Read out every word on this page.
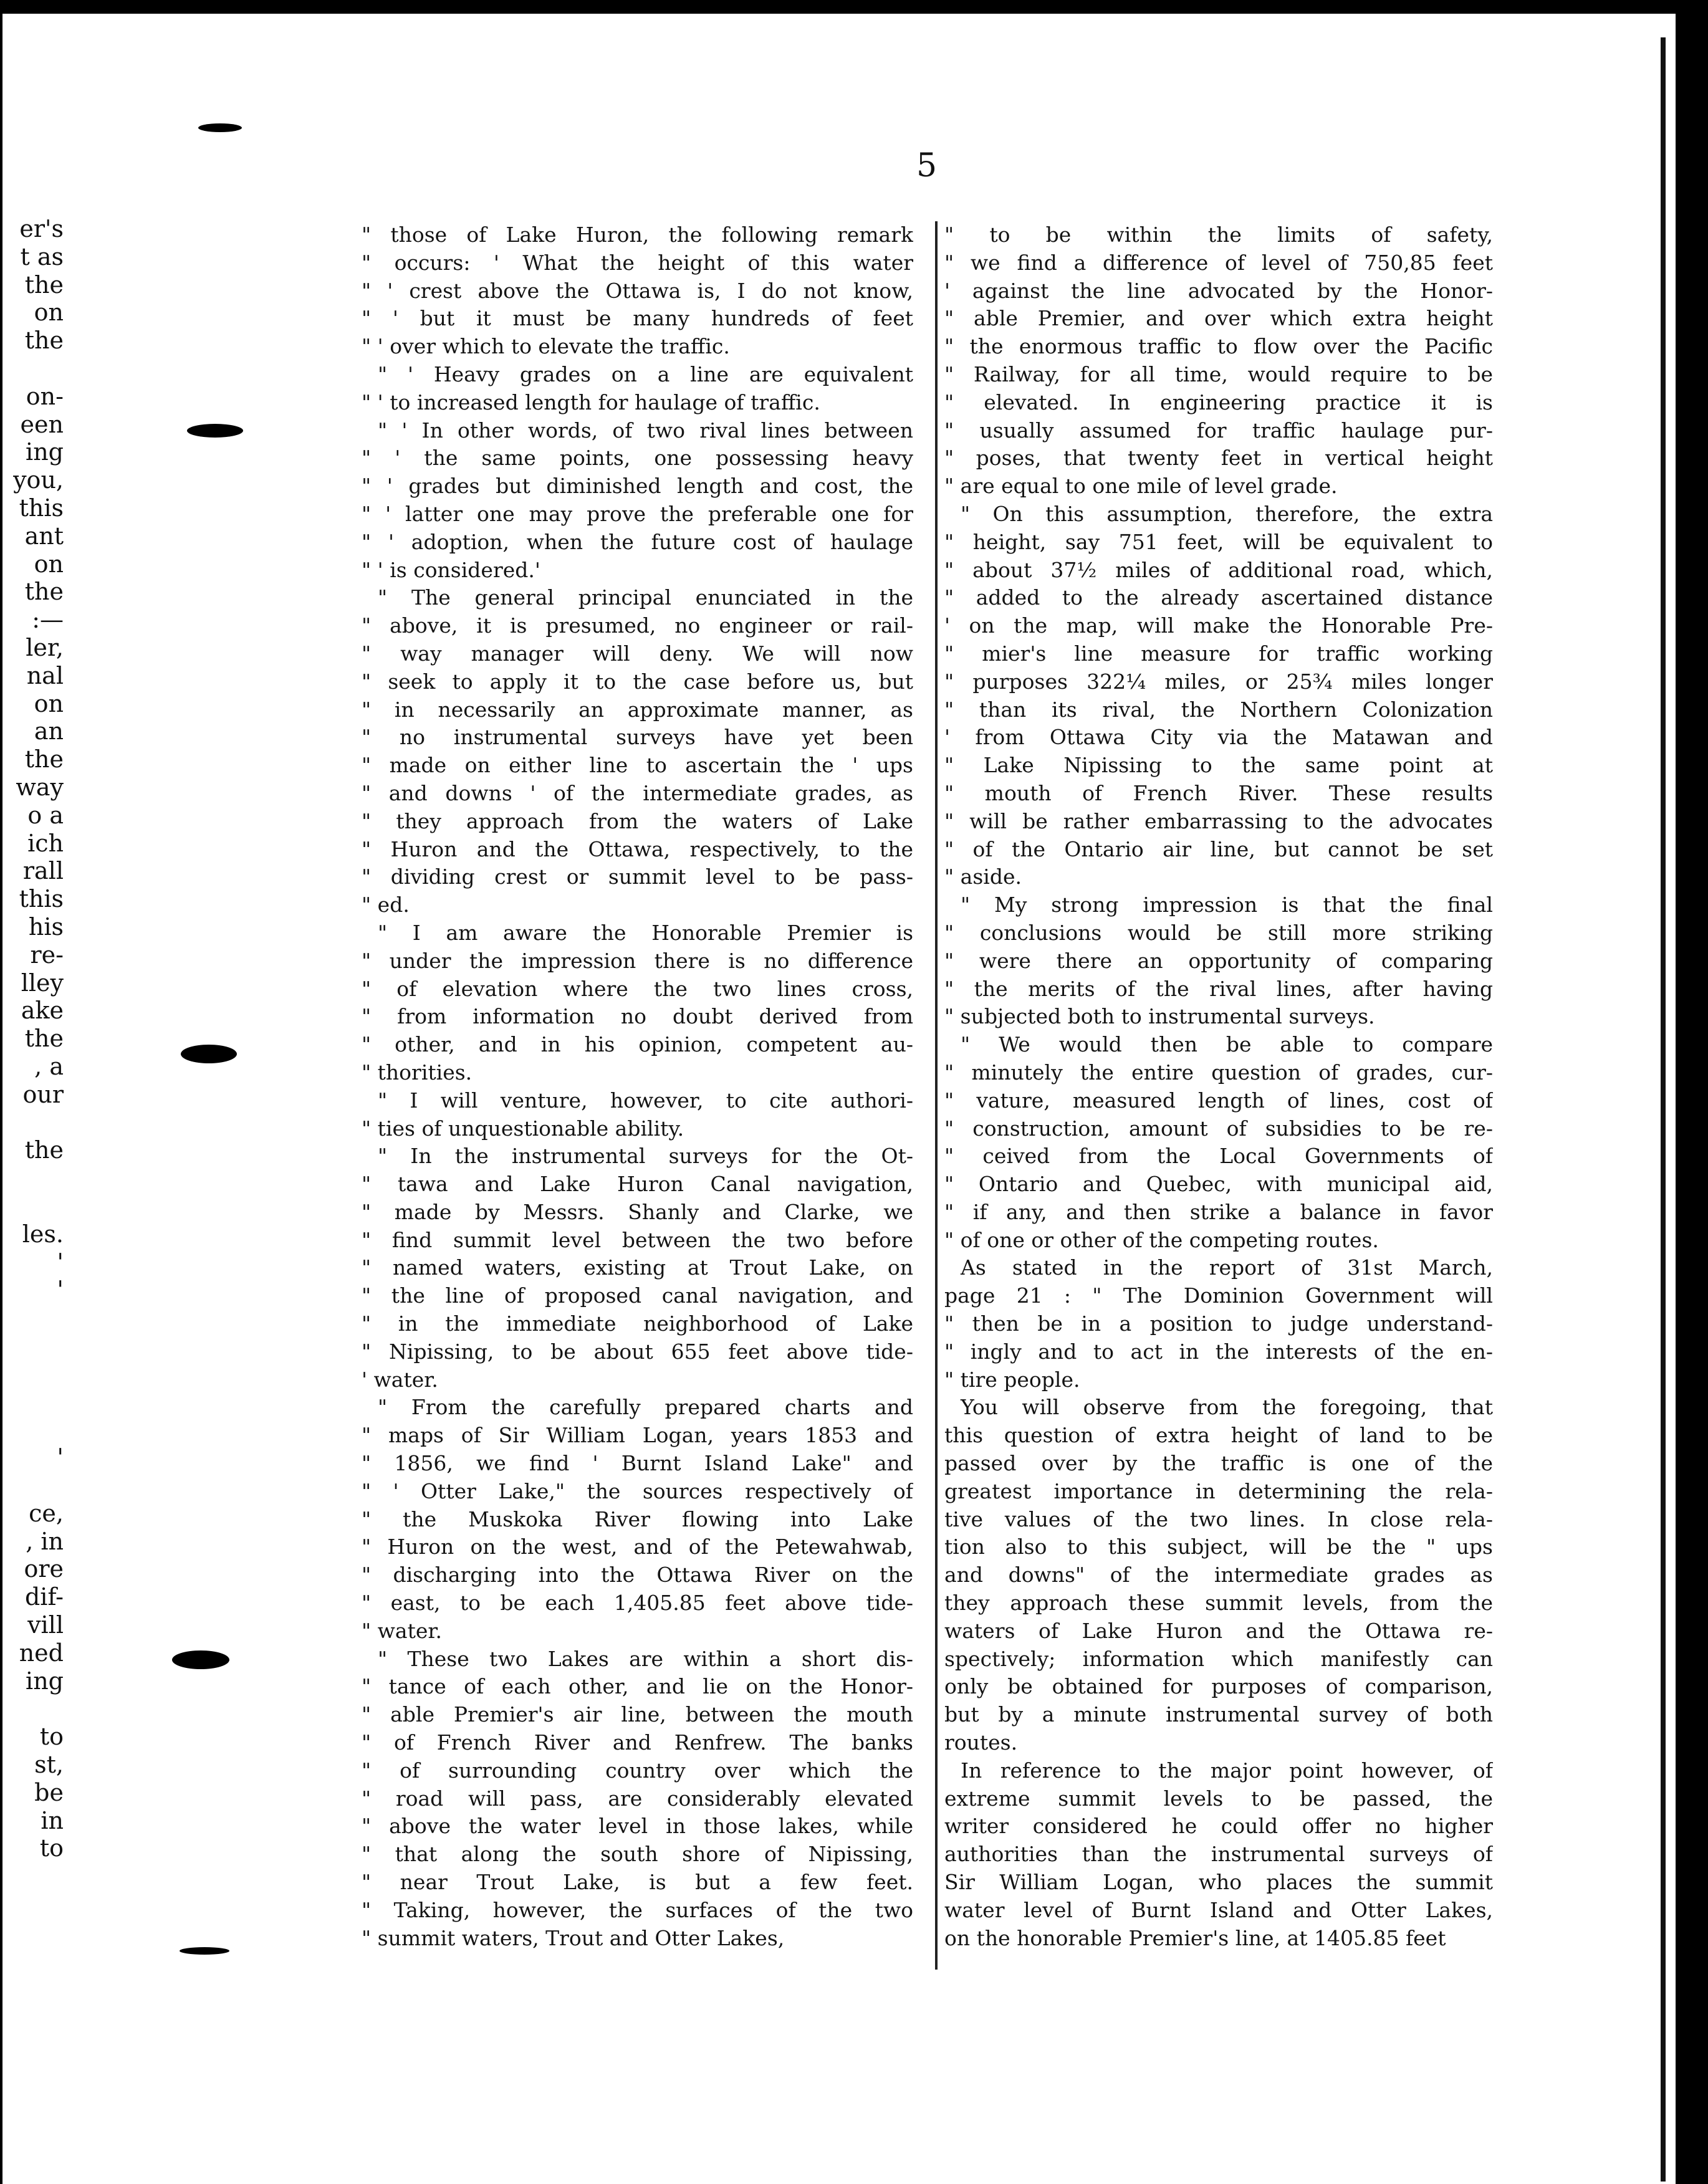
5
er's
t as
the
on
the
on-
een
ing
you,
this
ant
on
the
:—
ler,
nal
on
an
the
way
o a
ich
rall
this
his
re-
lley
ake
the
, a
our
the
les.
'
'
'
ce,
, in
ore
dif-
vill
ned
ing
to
st,
be
in
to
" those of Lake Huron, the following remark
" occurs: ' What the height of this water
" ' crest above the Ottawa is, I do not know,
" ' but it must be many hundreds of feet
" ' over which to elevate the traffic.
" ' Heavy grades on a line are equivalent
" ' to increased length for haulage of traffic.
" ' In other words, of two rival lines between
" ' the same points, one possessing heavy
" ' grades but diminished length and cost, the
" ' latter one may prove the preferable one for
" ' adoption, when the future cost of haulage
" ' is considered.'
" The general principal enunciated in the
" above, it is presumed, no engineer or rail-
" way manager will deny. We will now
" seek to apply it to the case before us, but
" in necessarily an approximate manner, as
" no instrumental surveys have yet been
" made on either line to ascertain the ' ups
" and downs ' of the intermediate grades, as
" they approach from the waters of Lake
" Huron and the Ottawa, respectively, to the
" dividing crest or summit level to be pass-
" ed.
" I am aware the Honorable Premier is
" under the impression there is no difference
" of elevation where the two lines cross,
" from information no doubt derived from
" other, and in his opinion, competent au-
" thorities.
" I will venture, however, to cite authori-
" ties of unquestionable ability.
" In the instrumental surveys for the Ot-
" tawa and Lake Huron Canal navigation,
" made by Messrs. Shanly and Clarke, we
" find summit level between the two before
" named waters, existing at Trout Lake, on
" the line of proposed canal navigation, and
" in the immediate neighborhood of Lake
" Nipissing, to be about 655 feet above tide-
' water.
" From the carefully prepared charts and
" maps of Sir William Logan, years 1853 and
" 1856, we find ' Burnt Island Lake" and
" ' Otter Lake," the sources respectively of
" the Muskoka River flowing into Lake
" Huron on the west, and of the Petewahwab,
" discharging into the Ottawa River on the
" east, to be each 1,405.85 feet above tide-
" water.
" These two Lakes are within a short dis-
" tance of each other, and lie on the Honor-
" able Premier's air line, between the mouth
" of French River and Renfrew. The banks
" of surrounding country over which the
" road will pass, are considerably elevated
" above the water level in those lakes, while
" that along the south shore of Nipissing,
" near Trout Lake, is but a few feet.
" Taking, however, the surfaces of the two
" summit waters, Trout and Otter Lakes,
" to be within the limits of safety,
" we find a difference of level of 750,85 feet
' against the line advocated by the Honor-
" able Premier, and over which extra height
" the enormous traffic to flow over the Pacific
" Railway, for all time, would require to be
" elevated. In engineering practice it is
" usually assumed for traffic haulage pur-
" poses, that twenty feet in vertical height
" are equal to one mile of level grade.
" On this assumption, therefore, the extra
" height, say 751 feet, will be equivalent to
" about 37½ miles of additional road, which,
" added to the already ascertained distance
' on the map, will make the Honorable Pre-
" mier's line measure for traffic working
" purposes 322¼ miles, or 25¾ miles longer
" than its rival, the Northern Colonization
' from Ottawa City via the Matawan and
" Lake Nipissing to the same point at
" mouth of French River. These results
" will be rather embarrassing to the advocates
" of the Ontario air line, but cannot be set
" aside.
" My strong impression is that the final
" conclusions would be still more striking
" were there an opportunity of comparing
" the merits of the rival lines, after having
" subjected both to instrumental surveys.
" We would then be able to compare
" minutely the entire question of grades, cur-
" vature, measured length of lines, cost of
" construction, amount of subsidies to be re-
" ceived from the Local Governments of
" Ontario and Quebec, with municipal aid,
" if any, and then strike a balance in favor
" of one or other of the competing routes.
As stated in the report of 31st March,
page 21 : " The Dominion Government will
" then be in a position to judge understand-
" ingly and to act in the interests of the en-
" tire people.
You will observe from the foregoing, that
this question of extra height of land to be
passed over by the traffic is one of the
greatest importance in determining the rela-
tive values of the two lines. In close rela-
tion also to this subject, will be the " ups
and downs" of the intermediate grades as
they approach these summit levels, from the
waters of Lake Huron and the Ottawa re-
spectively; information which manifestly can
only be obtained for purposes of comparison,
but by a minute instrumental survey of both
routes.
In reference to the major point however, of
extreme summit levels to be passed, the
writer considered he could offer no higher
authorities than the instrumental surveys of
Sir William Logan, who places the summit
water level of Burnt Island and Otter Lakes,
on the honorable Premier's line, at 1405.85 feet
